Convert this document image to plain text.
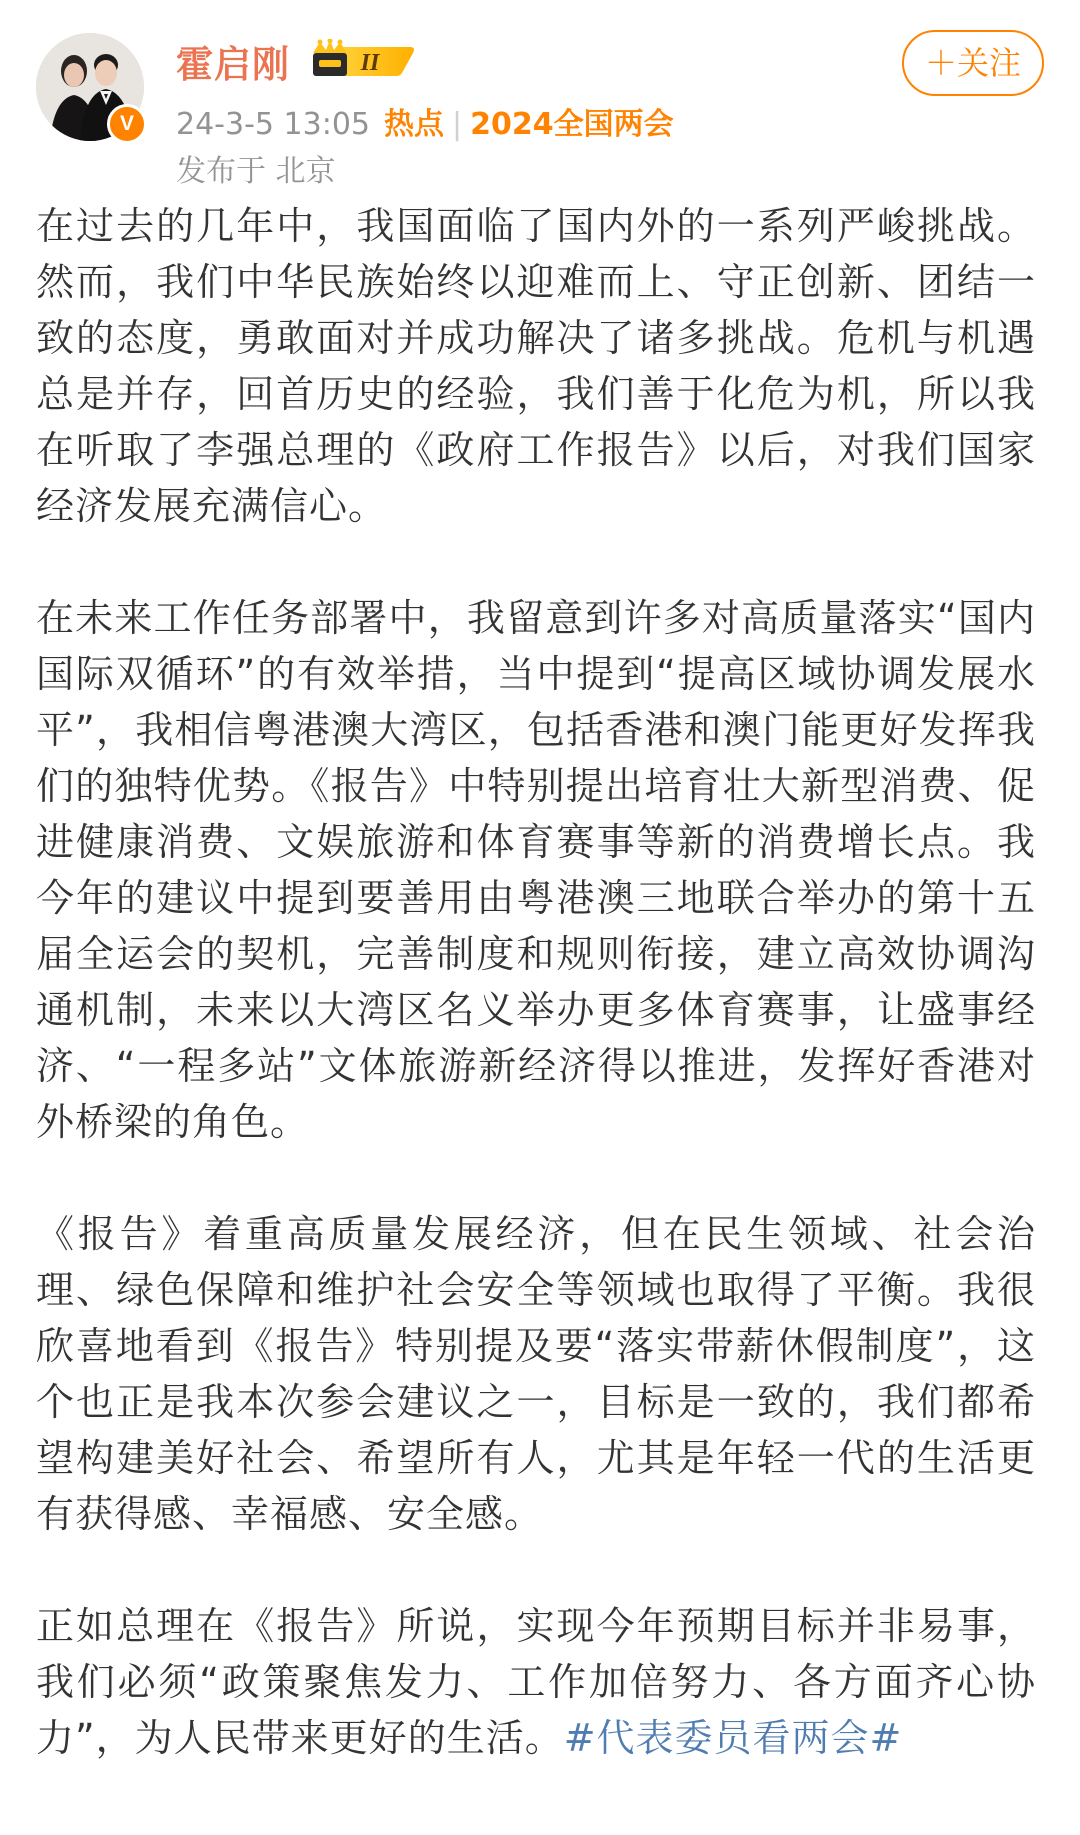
V
霍启刚	II
24-3-5 13:05 热点 | 2024全国两会
发布于 北京
＋关注

在过去的几年中，我国面临了国内外的一系列严峻挑战。然而，我们中华民族始终以迎难而上、守正创新、团结一致的态度，勇敢面对并成功解决了诸多挑战。危机与机遇总是并存，回首历史的经验，我们善于化危为机，所以我在听取了李强总理的《政府工作报告》以后，对我们国家经济发展充满信心。

在未来工作任务部署中，我留意到许多对高质量落实“国内国际双循环”的有效举措，当中提到“提高区域协调发展水平”，我相信粤港澳大湾区，包括香港和澳门能更好发挥我们的独特优势。《报告》中特别提出培育壮大新型消费、促进健康消费、文娱旅游和体育赛事等新的消费增长点。我今年的建议中提到要善用由粤港澳三地联合举办的第十五届全运会的契机，完善制度和规则衔接，建立高效协调沟通机制，未来以大湾区名义举办更多体育赛事，让盛事经济、“一程多站”文体旅游新经济得以推进，发挥好香港对外桥梁的角色。

《报告》着重高质量发展经济，但在民生领域、社会治理、绿色保障和维护社会安全等领域也取得了平衡。我很欣喜地看到《报告》特别提及要“落实带薪休假制度”，这个也正是我本次参会建议之一，目标是一致的，我们都希望构建美好社会、希望所有人，尤其是年轻一代的生活更有获得感、幸福感、安全感。

正如总理在《报告》所说，实现今年预期目标并非易事，我们必须“政策聚焦发力、工作加倍努力、各方面齐心协力”，为人民带来更好的生活。#代表委员看两会#
